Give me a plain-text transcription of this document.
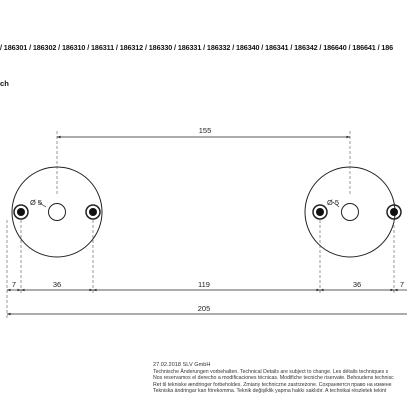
/ 186301 / 186302 / 186310 / 186311 / 186312 / 186330 / 186331 / 186332 / 186340 / 186341 / 186342 / 186640 / 186641 / 186
ch
Ø 5	Ø 5
155
7	36	119	36	7
205
27.02.2018 SLV GmbH
Technische Änderungen vorbehalten. Technical Details are subject to change. Les détails techniques s
Nos reservamos el derecho a modificaciones técnicas. Modifiche tecniche riservate. Behoudens technisc
Ret til tekniske ændringer forbeholdes. Zmiany techniczne zastrzeżone. Сохраняется право на измене
Tekniska ändringar kan förekomma. Teknik değişiklik yapma hakkı saklıdır. A technikai részletek tekint
